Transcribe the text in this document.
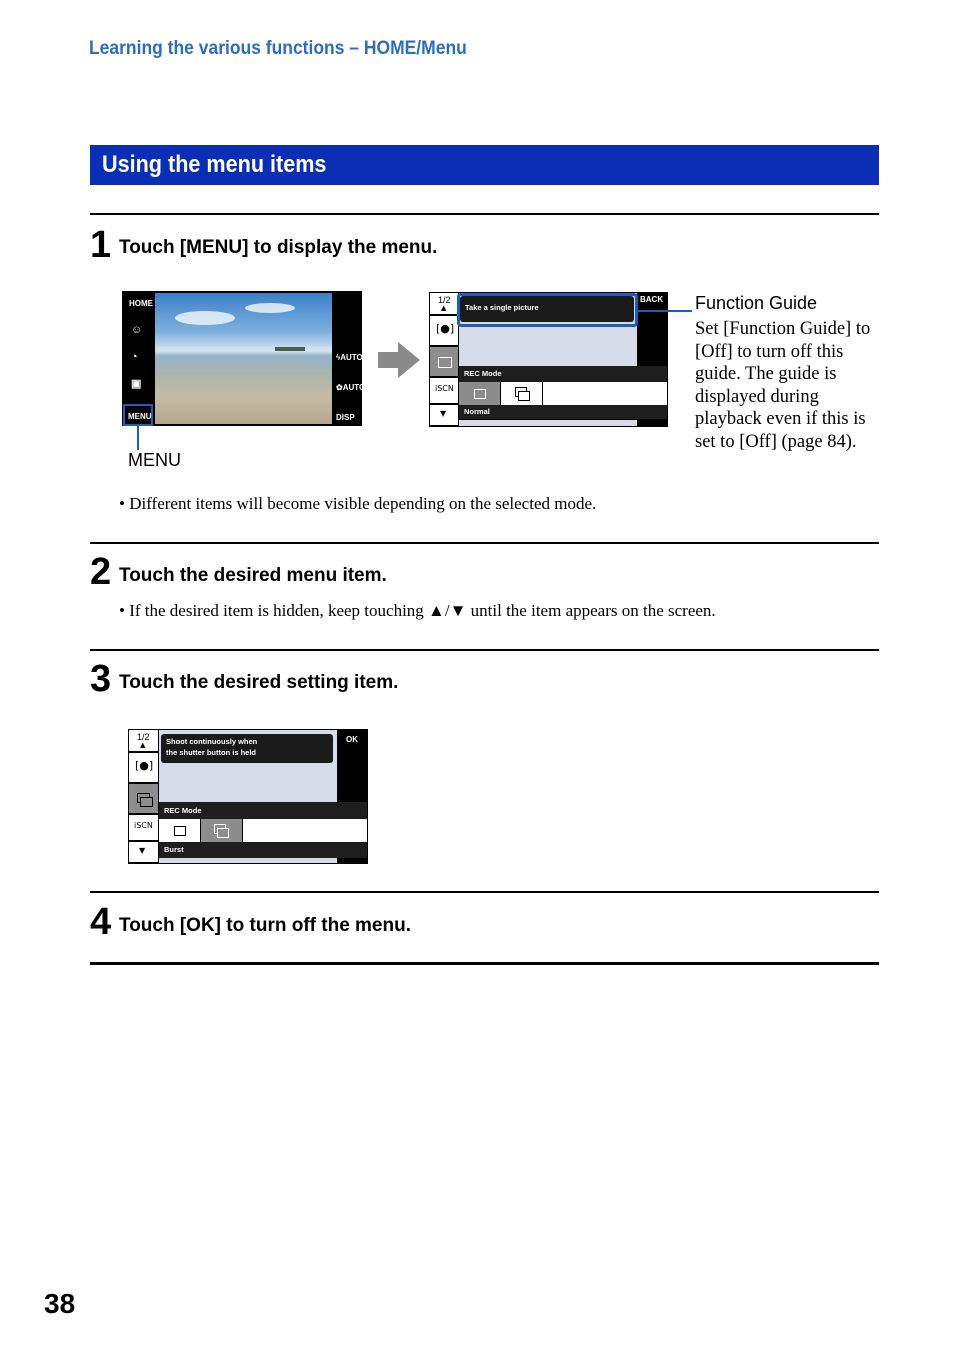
Learning the various functions – HOME/Menu
Using the menu items
1 Touch [MENU] to display the menu.
HOME
☺
◔
▣
MENU
ϟAUTO
✿AUTO
DISP
MENU
1/2
▲
[●]
iSCN
▼
Take a single picture
BACK
REC Mode
Normal
Function Guide
Set [Function Guide] to [Off] to turn off this guide. The guide is displayed during playback even if this is set to [Off] (page 84).
• Different items will become visible depending on the selected mode.
2 Touch the desired menu item.
• If the desired item is hidden, keep touching ▲/▼ until the item appears on the screen.
3 Touch the desired setting item.
1/2
▲
[●]
iSCN
▼
Shoot continuously when
the shutter button is held
OK
REC Mode
Burst
4 Touch [OK] to turn off the menu.
38
